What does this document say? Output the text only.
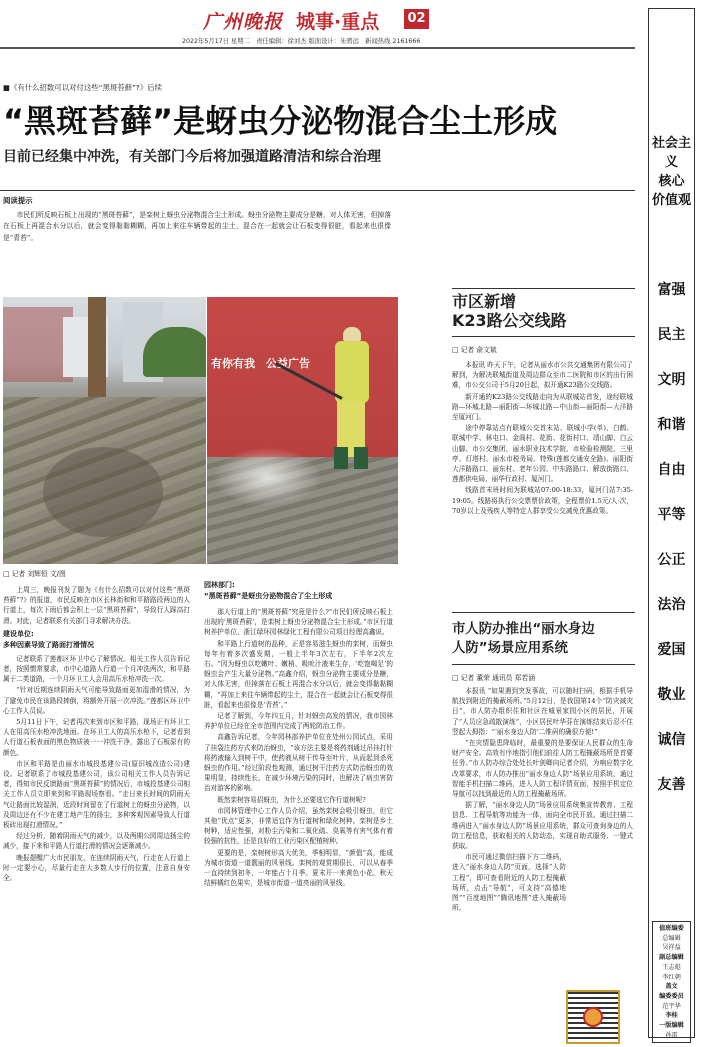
广州晚报 城事·重点 02
2022年5月17日 星期二　责任编辑：徐刘杰 版面设计：朱骋远　新闻热线 2161666
■《有什么招数可以对付这些“黑斑苔藓”?》后续
“黑斑苔藓”是蚜虫分泌物混合尘土形成
目前已经集中冲洗，有关部门今后将加强道路清洁和综合治理
阅读提示
市民们所反映石板上出现的“黑斑苔藓”，是栾树上蚜虫分泌物混合尘土形成。蚜虫分泌物主要成分是糖，对人体无害，但掉落在石板上再混合水分以后，就会变得黏黏糊糊，再加上来往车辆带起的尘土，混合在一起就会让石板变得很脏，看起来也很像是“青苔”。
有你有我　公益广告
□ 记者 刘辉恒 文/图

上周三，晚报刊发了题为《有什么招数可以对付这些“黑斑苔藓”?》的报道，市民反映在市区长林街和和平路路段两边的人行道上，每次下雨后都会积上一层“黑斑苔藓”，导致行人踩高打滑。对此，记者联系有关部门寻求解决办法。

建设单位:
多种因素导致了路面打滑情况

记者联系了莲都区环卫中心了解情况。相关工作人员告诉记者，按照惯常要求，市中心道路人行道一个月冲洗两次，和平路属于二类道路，一个月环卫工人会用高压水枪冲洗一次。

“针对近期连续阴雨天气可能导致路面更加湿滑的情况，为了避免市民在该路段摔倒，将额外开展一次冲洗。”莲都区环卫中心工作人员说。

5月11日下午，记者再次来到市区和平路，现场正有环卫工人在用高压水枪冲洗地面。在环卫工人的高压水枪下，记者看到人行道石板表面的黑色物质被一一冲洗干净，露出了石板原有的颜色。

市区和平路是由丽水市城投基建公司(原旧城改造公司)建设。记者联系了市城投基建公司，该公司相关工作人员告诉记者，得知市民反馈路面“黑斑苔藓”的情况后，市城投基建公司相关工作人员立即来到和平路现场察看。“走日来长时间的阴雨天气让路面比较湿润，近段时间留在了行道树上的蚜虫分泌物，以及周边还有不少在建工地产生的扬尘，多种客观因素导致人行道板砖出现打滑情况。”

经过分析，随着阴雨天气的减少，以及两期公园周边扬尘的减少，接下来和平路人行道打滑的情况会逐渐减少。

晚报提醒广大市民朋友，在连续阴雨天气，行走在人行道上时一定要小心，尽量行走在大多数人步行的位置，注意自身安全。

园林部门:
“黑斑苔藓”是蚜虫分泌物混合了尘土形成

那人行道上的“黑斑苔藓”究竟是什么?“市民们所反映石板上出现的‘黑斑苔藓’，是栾树上蚜虫分泌物混合尘土形成。”市区行道树养护单位、浙江绿环园林绿化工程有限公司项目经理高鑫说。

和平路上行道树的品种，正是容易滋生蚜虫的栾树，而蚜虫每年有着多次盛发期，一般上半年3次左右，下半年2次左右。“因为蚜虫以吃嫩叶、嫩梢、吸吮汁液来生存，‘吃饱喝足’的蚜虫会产生大量分泌物。”高鑫介绍，蚜虫分泌物主要成分是糖，对人体无害，但掉落在石板上再混合水分以后，就会变得黏黏糊糊，“再加上来往车辆带起的尘土，混合在一起就会让石板变得很脏，看起来也很像是‘青苔’。”

记者了解到，今年四五月，针对蚜虫高发的情况，我市园林养护单位已经在全市范围内完成了两轮防治工作。

高鑫告诉记者，今年园林部养护单位在处州公园试点，采用了挂袋注药方式来防治蚜虫，“该方法主要是将药剂通过吊挂打针将药液输入到树干中，使药液从树干传导至叶片，从而起到杀死蚜虫的作用。”经过阶段性观测，通过树干注药方式防治蚜虫的效果明显，持续性长，在减少环境污染的同时，也解决了病虫害防治对游客的影响。

既然栾树容易招蚜虫，为什么还要选它作行道树呢?

市园林管理中心工作人员介绍，虽然栾树会吸引蚜虫，但它其他“优点”更多，非常适宜作为行道树和绿化树种。栾树是乡土树种，适应性强，对粉尘污染和二氧化硫、臭氧等有害气体有着较强的抗性，还是良好的工业污染区配植树种。

更要的是，栾树树形高大优美，季相明显，“颜值”高，能成为城市街道一道靓丽的风景线。栾树的观赏期很长，可以从春季一直持续到初冬，一年能占十月季。夏末开一来黄色小花，秋天结鲜橘红色果实，是城市街道一道亮丽的风景线。

市区新增
K23路公交线路
□ 记者 俞文斌

本报讯 昨天下午，记者从丽水市公共交通集团有限公司了解到，为解决联城街道及周边群众至市二医院和市区的出行困难，市公交公司于5月20日起，拟开通K23路公交线路。

新开通的K23路公交线路走向为从联城站首发，途经联城路—环城北路—丽阳街—环城北路—中山街—丽阳街—大洋路至厦河门。

途中停靠站点有联城公交首末站、联城小学(单)、白鹤、联城中学、林屯口、金阁村、花街、花街村口、靖山脚、白云山脚、市公交集团、丽水职业技术学院、市检验检测院、三里亭、灯塔村、丽水市税务局、特殊(莲都交通安全路)、丽阳街大洋路路口、丽东村、老年公园、中东路路口、解放街路口、莲都供电局、丽华行政村、厦河门。

线路首末班时间为联城站07:00-18:33，厦河门站7:35-19:05。线路将执行公交票票价政策，全程票价1.5元/人·次，70岁以上及残疾人等特定人群享受公交减免优惠政策。

市人防办推出“丽水身边
人防”场景应用系统
□ 记者 董荣 通讯员 郑若涵

本报讯 “如果遇到突发事故，可以随时扫码，根据手机导航找到附近的掩蔽场所。”5月12日，是我国第14个“防灾减灾日”，市人防办组织住和社区在城景家园小区的居民，开展了“人员应急疏散演练”，小区居民叶华芬在演练结束后忍不住竖起大拇指：“‘丽水身边人防’二维码的确很方便!”

“在灾情隐患降临时，最重要的是要保证人民群众的生命财产安全。高效有序地指引他们前往人防工程掩蔽场所是首要任务。”市人防办综合处处长叶剑卿向记者介绍，为响应数字化改革要求，市人防办推出“丽水身边人防”场景应用系统，通过智能手机扫描二维码，进入人防工程详情页面，按照手机定位导航可以找到最近的人防工程掩蔽场所。

据了解，“丽水身边人防”场景应用系统集宣传教育、工程信息、工程导航等功能为一体，面向全市民开放。通过扫描二维码进入“丽水身边人防”场景应用系统，群众可查询身边的人防工程信息，获取相关的人防动态，实现自助式服务、一键式获取。

市民可通过微信扫描下方二维码，进入“丽水身边人防”页面，选择“人防工程”，即可查看附近的人防工程掩蔽场所，点击“导航”，可支持“高德地图”“百度地图”“腾讯地图”进入掩蔽场所。

社会主义
核心
价值观
富强
民主
文明
和谐
自由
平等
公正
法治
爱国
敬业
诚信
友善
值班编委
总编辑
吴祥益
副总编辑
王志彪
李红朝
盖文
编委委员
范宇华
李桂
一版编辑
孙雷
